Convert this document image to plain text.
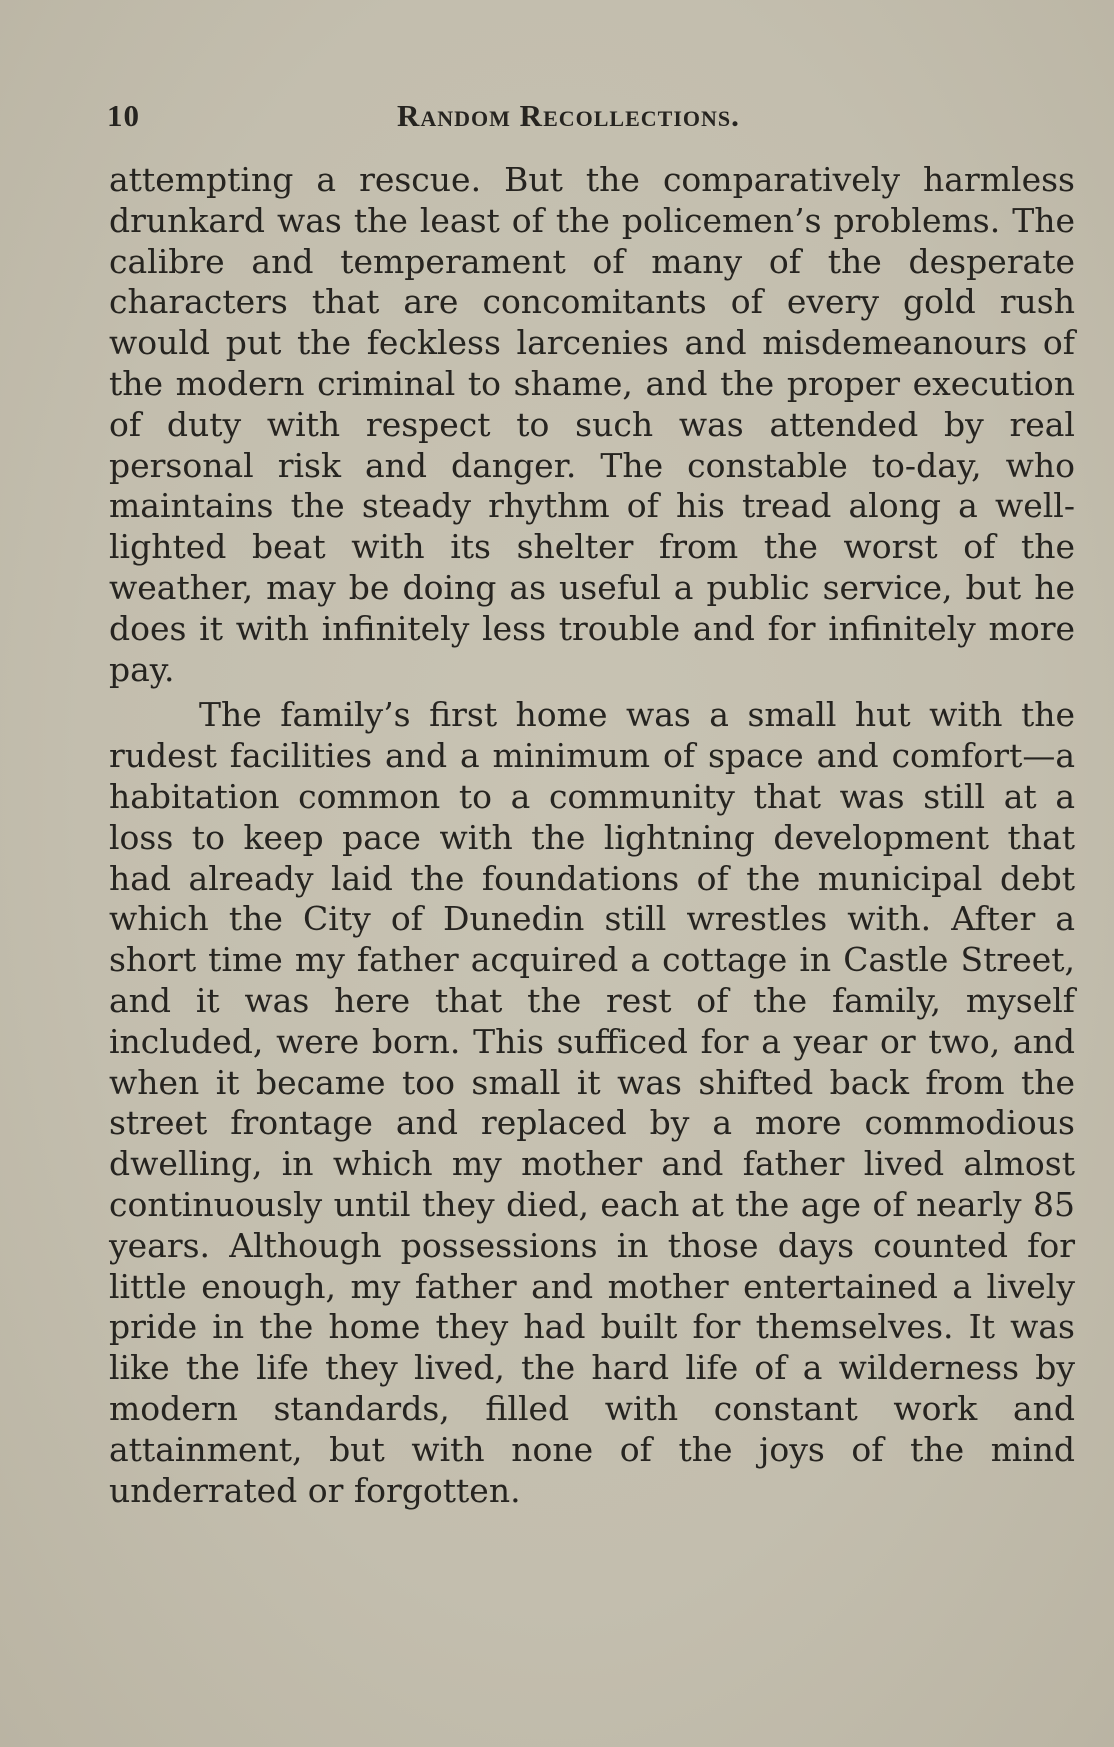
10	Random Recollections.

attempting a rescue. But the comparatively harmless drunkard was the least of the policemen’s problems. The calibre and temperament of many of the desperate characters that are concomitants of every gold rush would put the feckless larcenies and misdemeanours of the modern criminal to shame, and the proper execution of duty with respect to such was attended by real personal risk and danger. The constable to-day, who maintains the steady rhythm of his tread along a well-lighted beat with its shelter from the worst of the weather, may be doing as useful a public service, but he does it with infinitely less trouble and for infinitely more pay.

The family’s first home was a small hut with the rudest facilities and a minimum of space and comfort—a habitation common to a community that was still at a loss to keep pace with the lightning development that had already laid the foundations of the municipal debt which the City of Dunedin still wrestles with. After a short time my father acquired a cottage in Castle Street, and it was here that the rest of the family, myself included, were born. This sufficed for a year or two, and when it became too small it was shifted back from the street frontage and replaced by a more commodious dwelling, in which my mother and father lived almost continuously until they died, each at the age of nearly 85 years. Although possessions in those days counted for little enough, my father and mother entertained a lively pride in the home they had built for themselves. It was like the life they lived, the hard life of a wilderness by modern standards, filled with constant work and attainment, but with none of the joys of the mind underrated or forgotten.
